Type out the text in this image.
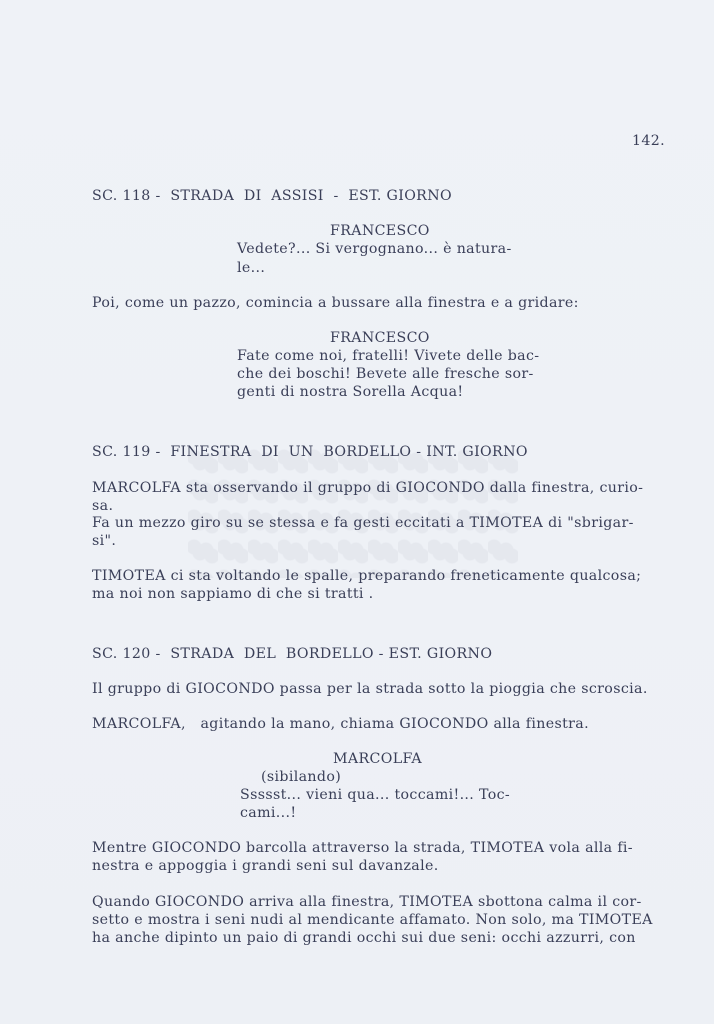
142.
SC. 118 -  STRADA  DI  ASSISI  -  EST. GIORNO
FRANCESCO
Vedete?... Si vergognano... è natura-
le...
Poi, come un pazzo, comincia a bussare alla finestra e a gridare:
FRANCESCO
Fate come noi, fratelli! Vivete delle bac-
che dei boschi! Bevete alle fresche sor-
genti di nostra Sorella Acqua!
SC. 119 -  FINESTRA  DI  UN  BORDELLO - INT. GIORNO
MARCOLFA sta osservando il gruppo di GIOCONDO dalla finestra, curio-
sa.
Fa un mezzo giro su se stessa e fa gesti eccitati a TIMOTEA di "sbrigar-
si".
TIMOTEA ci sta voltando le spalle, preparando freneticamente qualcosa;
ma noi non sappiamo di che si tratti .
SC. 120 -  STRADA  DEL  BORDELLO - EST. GIORNO
Il gruppo di GIOCONDO passa per la strada sotto la pioggia che scroscia.
MARCOLFA,   agitando la mano, chiama GIOCONDO alla finestra.
MARCOLFA
(sibilando)
Ssssst... vieni qua... toccami!... Toc-
cami...!
Mentre GIOCONDO barcolla attraverso la strada, TIMOTEA vola alla fi-
nestra e appoggia i grandi seni sul davanzale.
Quando GIOCONDO arriva alla finestra, TIMOTEA sbottona calma il cor-
setto e mostra i seni nudi al mendicante affamato. Non solo, ma TIMOTEA
ha anche dipinto un paio di grandi occhi sui due seni: occhi azzurri, con
